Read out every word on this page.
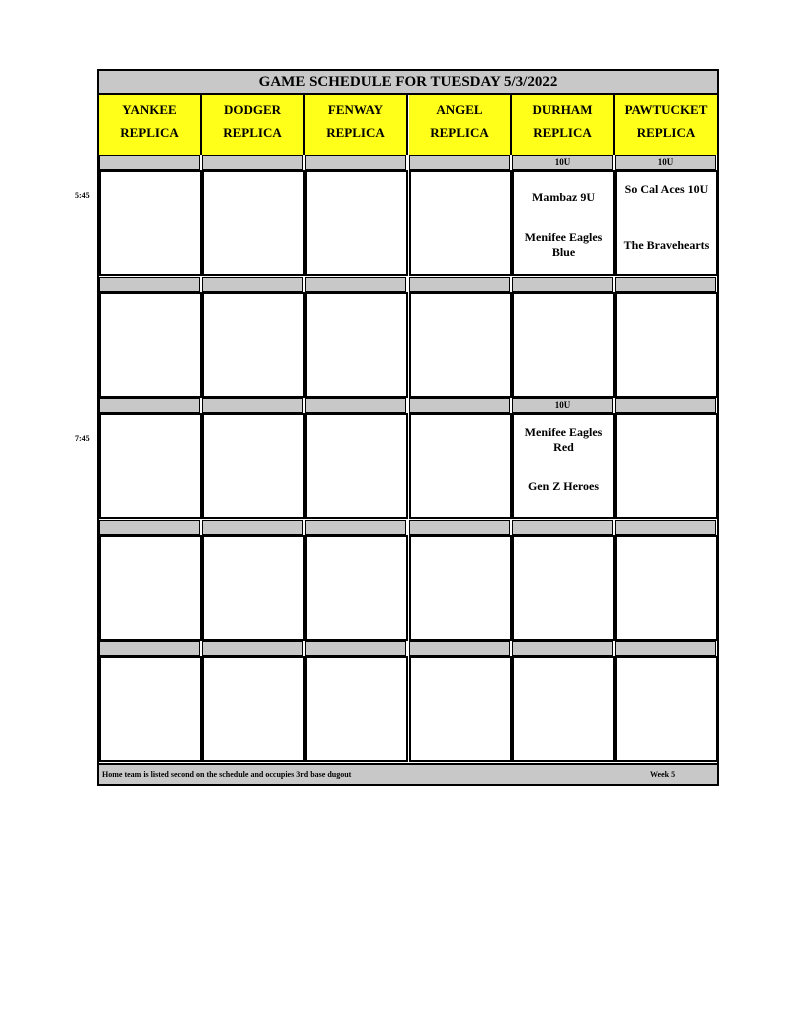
GAME SCHEDULE FOR TUESDAY 5/3/2022
YANKEE
REPLICA
DODGER
REPLICA
FENWAY
REPLICA
ANGEL
REPLICA
DURHAM
REPLICA
PAWTUCKET
REPLICA
5:45
10U
Mambaz 9U
Menifee Eagles Blue
10U
So Cal Aces 10U
The Bravehearts
7:45
10U
Menifee Eagles Red
Gen Z Heroes
Home team is listed second on the schedule and occupies 3rd base dugout	Week 5
